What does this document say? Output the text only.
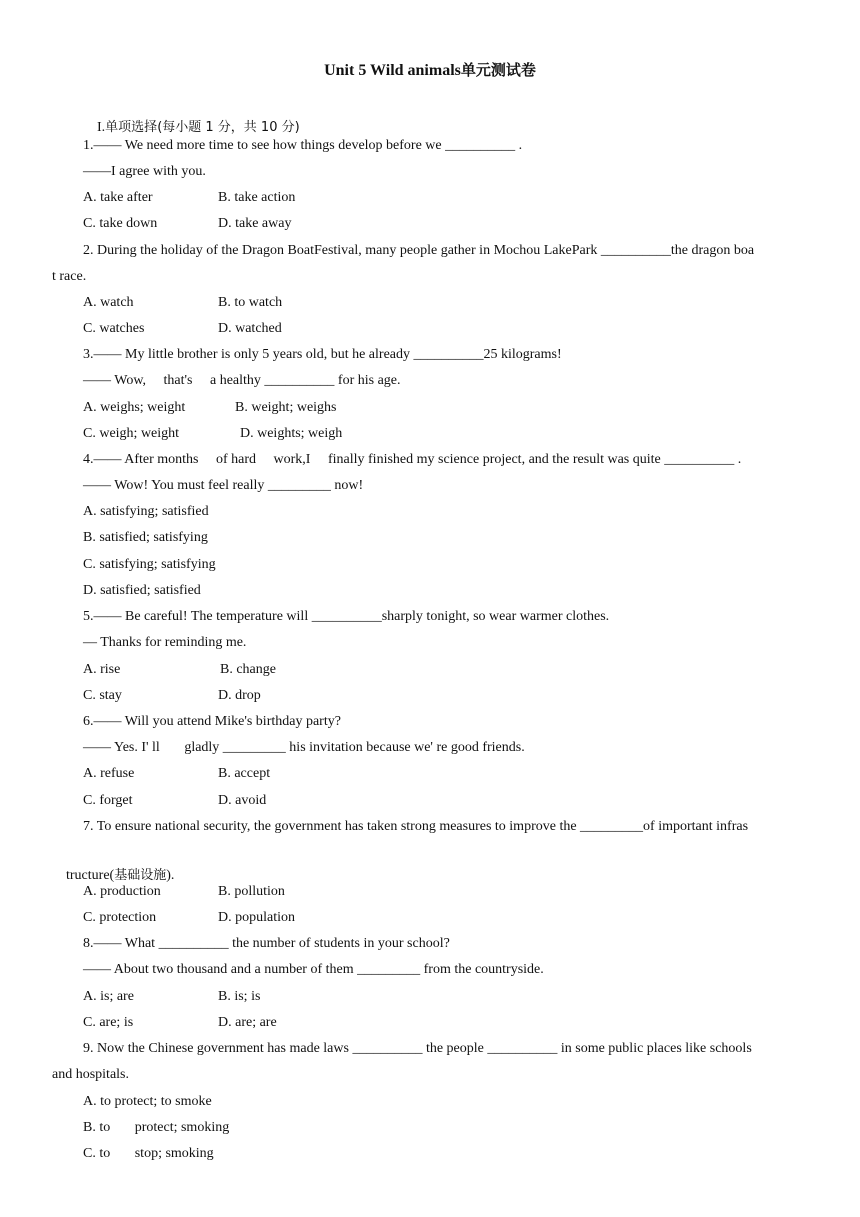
Unit 5 Wild animals单元测试卷

I.单项选择(每小题 1 分，共 10 分)

1.—— We need more time to see how things develop before we __________ .
——I agree with you.
A. take after	B. take action
C. take down	D. take away
2. During the holiday of the Dragon BoatFestival, many people gather in Mochou LakePark __________the dragon boa
t race.
A. watch	B. to watch
C. watches	D. watched
3.—— My little brother is only 5 years old, but he already __________25 kilograms!
—— Wow,     that's     a healthy __________ for his age.
A. weighs; weight	B. weight; weighs
C. weigh; weight	D. weights; weigh
4.—— After months     of hard     work,I     finally finished my science project, and the result was quite __________ .
—— Wow! You must feel really _________ now!
A. satisfying; satisfied
B. satisfied; satisfying
C. satisfying; satisfying
D. satisfied; satisfied
5.—— Be careful! The temperature will __________sharply tonight, so wear warmer clothes.
— Thanks for reminding me.
A. rise	B. change
C. stay	D. drop
6.—— Will you attend Mike's birthday party?
—— Yes. I' ll       gladly _________ his invitation because we' re good friends.
A. refuse	B. accept
C. forget	D. avoid
7. To ensure national security, the government has taken strong measures to improve the _________of important infras

tructure(基础设施).

A. production	B. pollution
C. protection	D. population
8.—— What __________ the number of students in your school?
—— About two thousand and a number of them _________ from the countryside.
A. is; are	B. is; is
C. are; is	D. are; are
9. Now the Chinese government has made laws __________ the people __________ in some public places like schools
and hospitals.
A. to protect; to smoke
B. to       protect; smoking
C. to       stop; smoking
